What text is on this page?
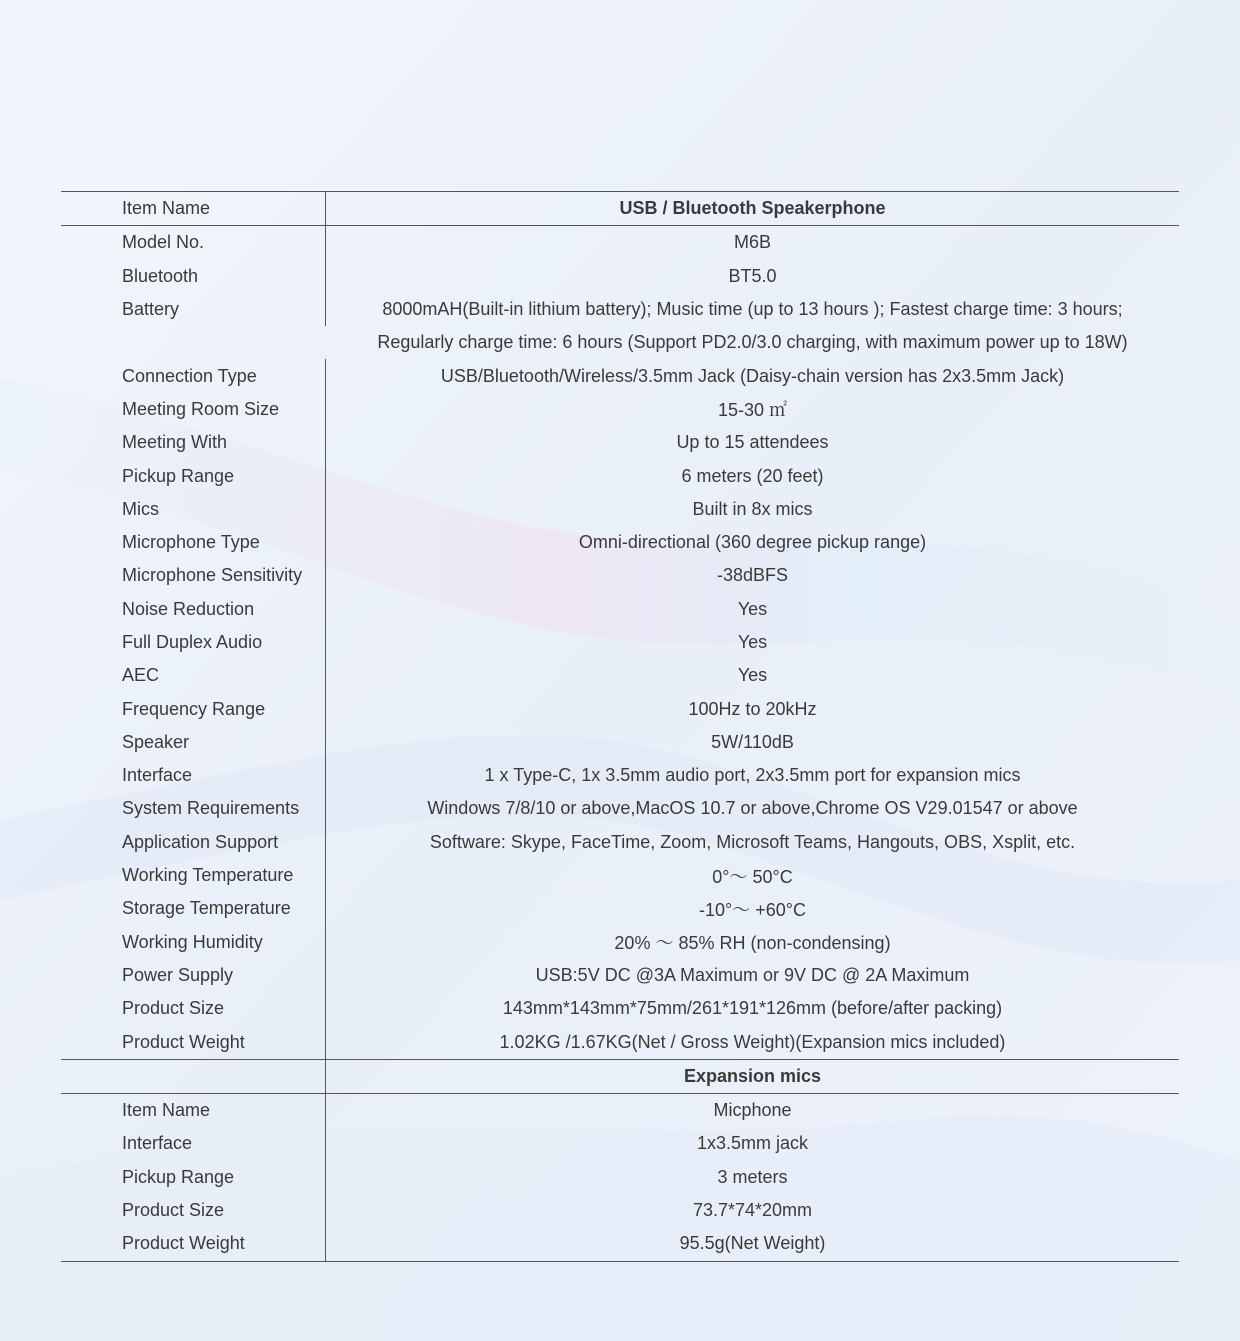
Item Name	USB / Bluetooth Speakerphone
Model No.	M6B
Bluetooth	BT5.0
Battery	8000mAH(Built-in lithium battery); Music time (up to 13 hours ); Fastest charge time: 3 hours;
Regularly charge time: 6 hours (Support PD2.0/3.0 charging, with maximum power up to 18W)
Connection Type	USB/Bluetooth/Wireless/3.5mm Jack (Daisy-chain version has 2x3.5mm Jack)
Meeting Room Size	15-30 ㎡
Meeting With	Up to 15 attendees
Pickup Range	6 meters (20 feet)
Mics	Built in 8x mics
Microphone Type	Omni-directional (360 degree pickup range)
Microphone Sensitivity	-38dBFS
Noise Reduction	Yes
Full Duplex Audio	Yes
AEC	Yes
Frequency Range	100Hz to 20kHz
Speaker	5W/110dB
Interface	1 x Type-C, 1x 3.5mm audio port, 2x3.5mm port for expansion mics
System Requirements	Windows 7/8/10 or above,MacOS 10.7 or above,Chrome OS V29.01547 or above
Application Support	Software: Skype, FaceTime, Zoom, Microsoft Teams, Hangouts, OBS, Xsplit, etc.
Working Temperature	0°～ 50°C
Storage Temperature	-10°～ +60°C
Working Humidity	20% ～ 85% RH (non-condensing)
Power Supply	USB:5V DC @3A Maximum or 9V DC @ 2A Maximum
Product Size	143mm*143mm*75mm/261*191*126mm (before/after packing)
Product Weight	1.02KG /1.67KG(Net / Gross Weight)(Expansion mics included)
Expansion mics
Item Name	Micphone
Interface	1x3.5mm jack
Pickup Range	3 meters
Product Size	73.7*74*20mm
Product Weight	95.5g(Net Weight)
